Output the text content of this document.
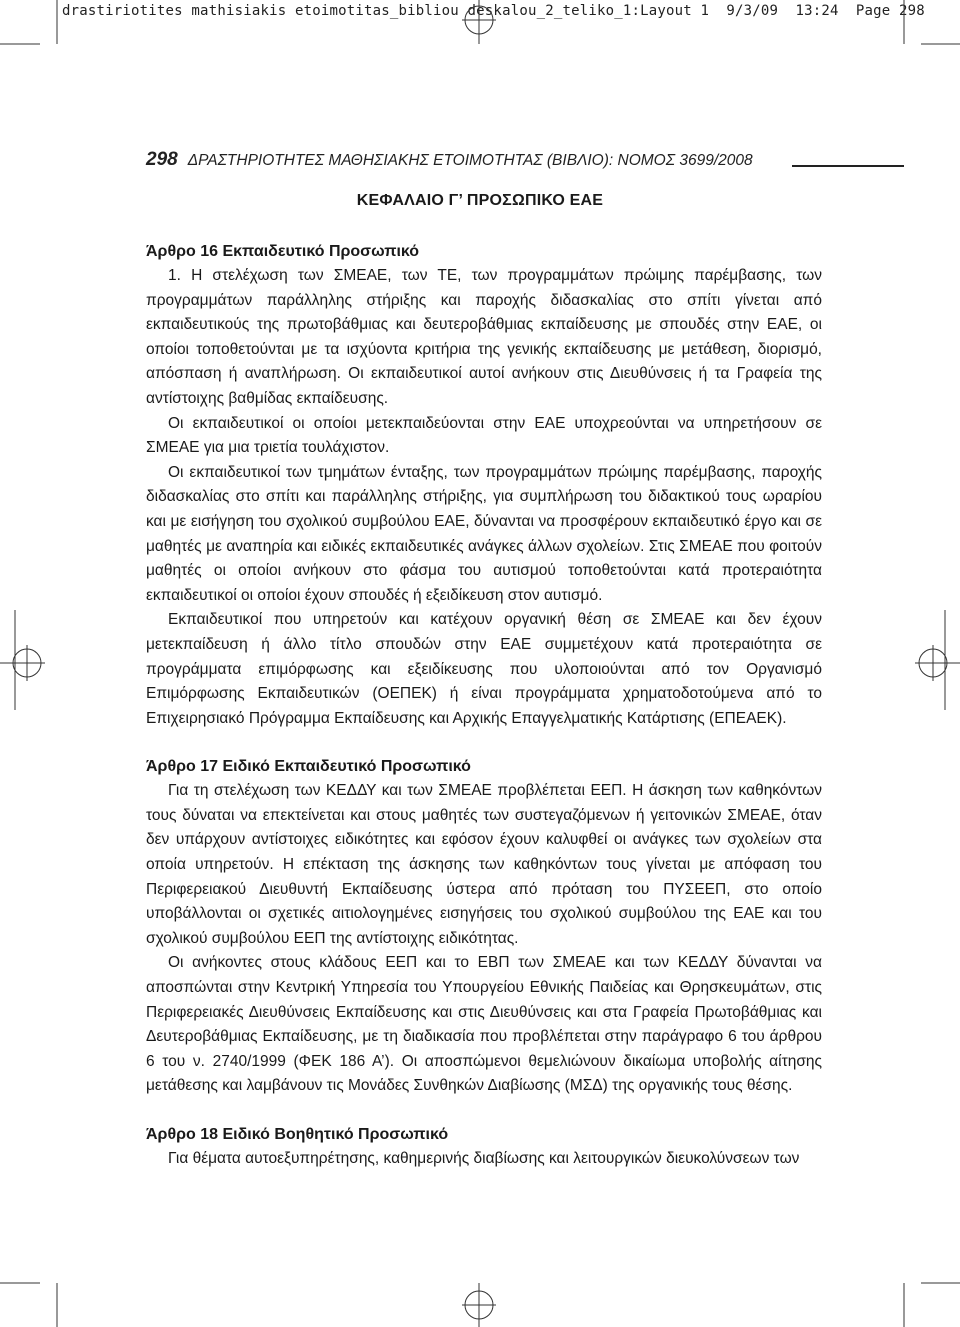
drastiriotites mathisiakis etoimotitas_bibliou deskalou_2_teliko_1:Layout 1  9/3/09  13:24  Page 298
298 ΔΡΑΣΤΗΡΙΟΤΗΤΕΣ ΜΑΘΗΣΙΑΚΗΣ ΕΤΟΙΜΟΤΗΤΑΣ (ΒΙΒΛΙΟ): ΝΟΜΟΣ 3699/2008
ΚΕΦΑΛΑΙΟ Γ’ ΠΡΟΣΩΠΙΚΟ ΕΑΕ
Άρθρο 16 Εκπαιδευτικό Προσωπικό

1. Η στελέχωση των ΣΜΕΑΕ, των ΤΕ, των προγραμμάτων πρώιμης παρέμβασης, των προγραμμάτων παράλληλης στήριξης και παροχής διδασκαλίας στο σπίτι γίνεται από εκπαιδευτικούς της πρωτοβάθμιας και δευτεροβάθμιας εκπαίδευσης με σπουδές στην ΕΑΕ, οι οποίοι τοποθετούνται με τα ισχύοντα κριτήρια της γενικής εκπαίδευσης με μετάθεση, διορισμό, απόσπαση ή αναπλήρωση. Οι εκπαιδευτικοί αυτοί ανήκουν στις Διευθύνσεις ή τα Γραφεία της αντίστοιχης βαθμίδας εκπαίδευσης.

Οι εκπαιδευτικοί οι οποίοι μετεκπαιδεύονται στην ΕΑΕ υποχρεούνται να υπηρετήσουν σε ΣΜΕΑΕ για μια τριετία τουλάχιστον.

Οι εκπαιδευτικοί των τμημάτων ένταξης, των προγραμμάτων πρώιμης παρέμβασης, παροχής διδασκαλίας στο σπίτι και παράλληλης στήριξης, για συμπλήρωση του διδακτικού τους ωραρίου και με εισήγηση του σχολικού συμβούλου ΕΑΕ, δύνανται να προσφέρουν εκπαιδευτικό έργο και σε μαθητές με αναπηρία και ειδικές εκπαιδευτικές ανάγκες άλλων σχολείων. Στις ΣΜΕΑΕ που φοιτούν μαθητές οι οποίοι ανήκουν στο φάσμα του αυτισμού τοποθετούνται κατά προτεραιότητα εκπαιδευτικοί οι οποίοι έχουν σπουδές ή εξειδίκευση στον αυτισμό.

Εκπαιδευτικοί που υπηρετούν και κατέχουν οργανική θέση σε ΣΜΕΑΕ και δεν έχουν μετεκπαίδευση ή άλλο τίτλο σπουδών στην ΕΑΕ συμμετέχουν κατά προτεραιότητα σε προγράμματα επιμόρφωσης και εξειδίκευσης που υλοποιούνται από τον Οργανισμό Επιμόρφωσης Εκπαιδευτικών (ΟΕΠΕΚ) ή είναι προγράμματα χρηματοδοτούμενα από το Επιχειρησιακό Πρόγραμμα Εκπαίδευσης και Αρχικής Επαγγελματικής Κατάρτισης (ΕΠΕΑΕΚ).

Άρθρο 17 Ειδικό Εκπαιδευτικό Προσωπικό

Για τη στελέχωση των ΚΕΔΔΥ και των ΣΜΕΑΕ προβλέπεται ΕΕΠ. Η άσκηση των καθηκόντων τους δύναται να επεκτείνεται και στους μαθητές των συστεγαζόμενων ή γειτονικών ΣΜΕΑΕ, όταν δεν υπάρχουν αντίστοιχες ειδικότητες και εφόσον έχουν καλυφθεί οι ανάγκες των σχολείων στα οποία υπηρετούν. Η επέκταση της άσκησης των καθηκόντων τους γίνεται με απόφαση του Περιφερειακού Διευθυντή Εκπαίδευσης ύστερα από πρόταση του ΠΥΣΕΕΠ, στο οποίο υποβάλλονται οι σχετικές αιτιολογημένες εισηγήσεις του σχολικού συμβούλου της ΕΑΕ και του σχολικού συμβούλου ΕΕΠ της αντίστοιχης ειδικότητας.

Οι ανήκοντες στους κλάδους ΕΕΠ και το ΕΒΠ των ΣΜΕΑΕ και των ΚΕΔΔΥ δύνανται να αποσπώνται στην Κεντρική Υπηρεσία του Υπουργείου Εθνικής Παιδείας και Θρησκευμάτων, στις Περιφερειακές Διευθύνσεις Εκπαίδευσης και στις Διευθύνσεις και στα Γραφεία Πρωτοβάθμιας και Δευτεροβάθμιας Εκπαίδευσης, με τη διαδικασία που προβλέπεται στην παράγραφο 6 του άρθρου 6 του ν. 2740/1999 (ΦΕΚ 186 Α’). Οι αποσπώμενοι θεμελιώνουν δικαίωμα υποβολής αίτησης μετάθεσης και λαμβάνουν τις Μονάδες Συνθηκών Διαβίωσης (ΜΣΔ) της οργανικής τους θέσης.

Άρθρο 18 Ειδικό Βοηθητικό Προσωπικό

Για θέματα αυτοεξυπηρέτησης, καθημερινής διαβίωσης και λειτουργικών διευκολύνσεων των
